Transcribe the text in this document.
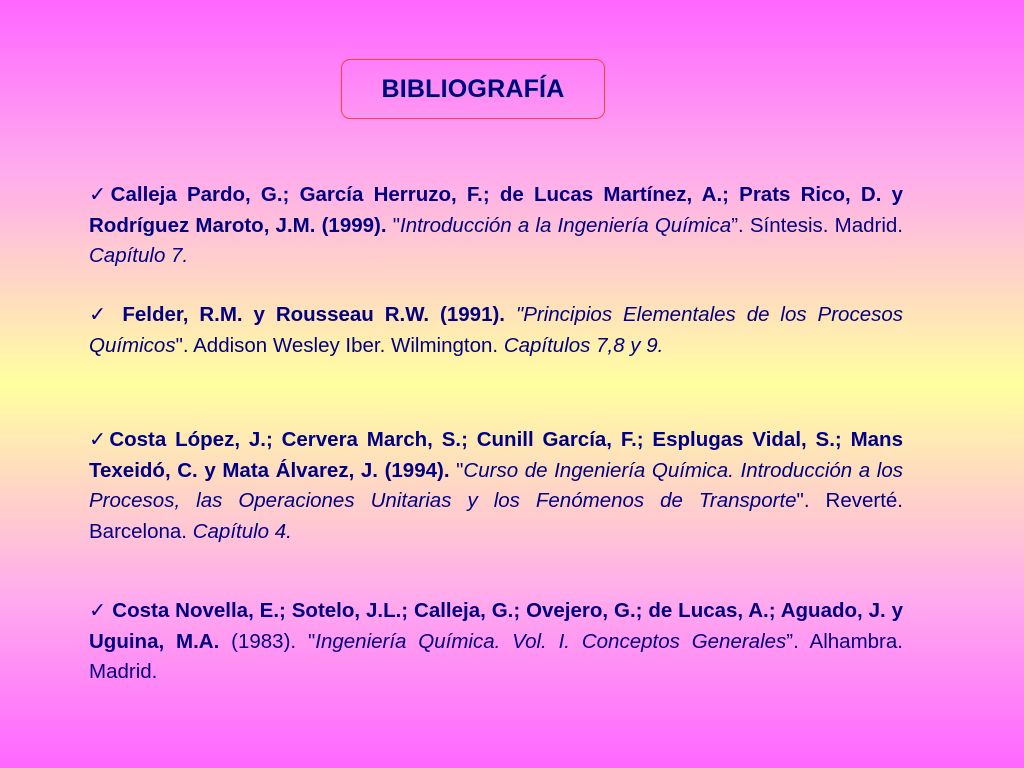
BIBLIOGRAFÍA
✓Calleja Pardo, G.; García Herruzo, F.; de Lucas Martínez, A.; Prats Rico, D. y Rodríguez Maroto, J.M. (1999). "Introducción a la Ingeniería Química”. Síntesis. Madrid. Capítulo 7.
✓ Felder, R.M. y Rousseau R.W. (1991). "Principios Elementales de los Procesos Químicos". Addison Wesley Iber. Wilmington. Capítulos 7,8 y 9.
✓Costa López, J.; Cervera March, S.; Cunill García, F.; Esplugas Vidal, S.; Mans Texeidó, C. y Mata Álvarez, J. (1994). "Curso de Ingeniería Química. Introducción a los Procesos, las Operaciones Unitarias y los Fenómenos de Transporte". Reverté. Barcelona. Capítulo 4.
✓ Costa Novella, E.; Sotelo, J.L.; Calleja, G.; Ovejero, G.; de Lucas, A.; Aguado, J. y Uguina, M.A. (1983). "Ingeniería Química. Vol. I. Conceptos Generales”. Alhambra. Madrid.
